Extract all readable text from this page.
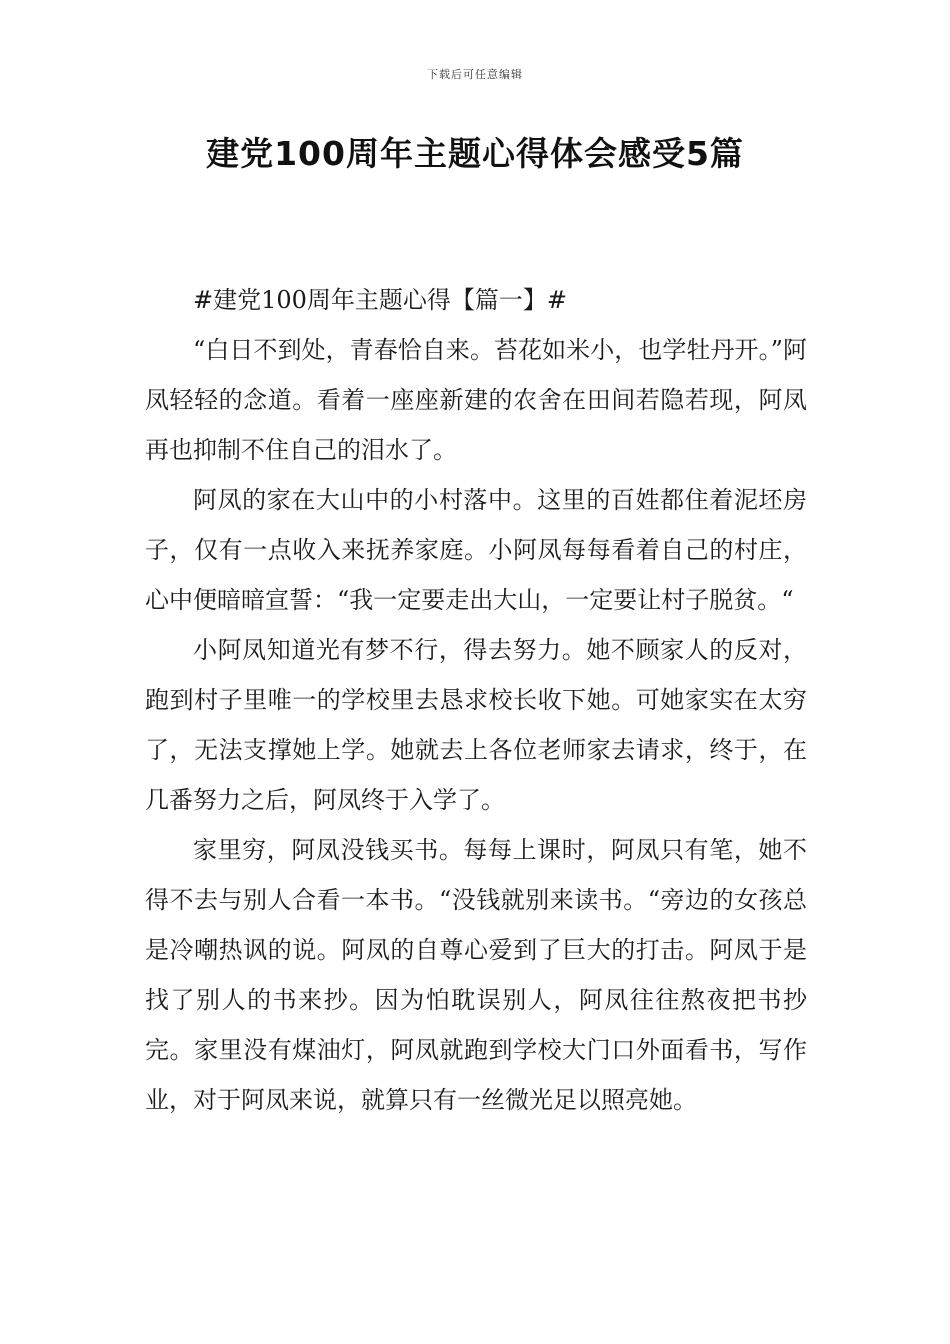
下载后可任意编辑
建党100周年主题心得体会感受5篇

#建党100周年主题心得【篇一】#

“白日不到处，青春恰自来。苔花如米小，也学牡丹开。”阿凤轻轻的念道。看着一座座新建的农舍在田间若隐若现，阿凤再也抑制不住自己的泪水了。

阿凤的家在大山中的小村落中。这里的百姓都住着泥坯房子，仅有一点收入来抚养家庭。小阿凤每每看着自己的村庄，心中便暗暗宣誓：“我一定要走出大山，一定要让村子脱贫。“

小阿凤知道光有梦不行，得去努力。她不顾家人的反对，跑到村子里唯一的学校里去恳求校长收下她。可她家实在太穷了，无法支撑她上学。她就去上各位老师家去请求，终于，在几番努力之后，阿凤终于入学了。

家里穷，阿凤没钱买书。每每上课时，阿凤只有笔，她不得不去与别人合看一本书。“没钱就别来读书。“旁边的女孩总是冷嘲热讽的说。阿凤的自尊心爱到了巨大的打击。阿凤于是找了别人的书来抄。因为怕耽误别人，阿凤往往熬夜把书抄完。家里没有煤油灯，阿凤就跑到学校大门口外面看书，写作业，对于阿凤来说，就算只有一丝微光足以照亮她。
